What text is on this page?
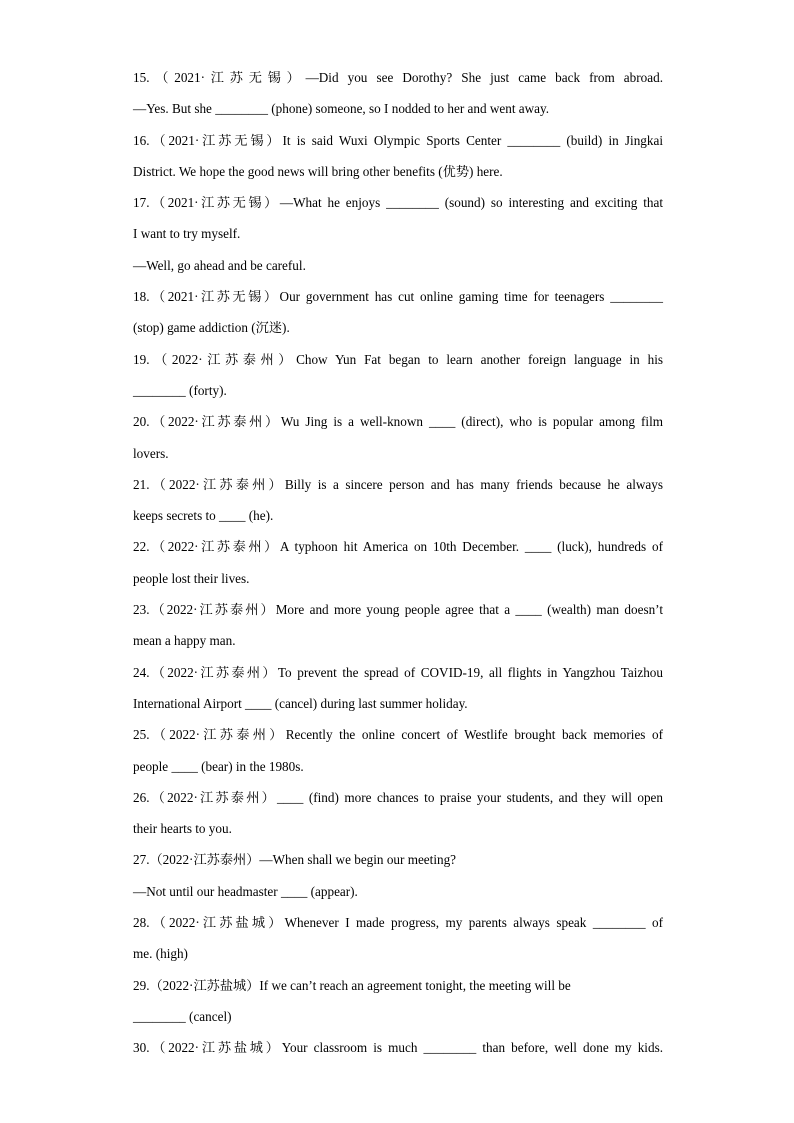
15.（2021·江苏无锡）—Did you see Dorothy? She just came back from abroad.
—Yes. But she ________ (phone) someone, so I nodded to her and went away.
16.（2021·江苏无锡）It is said Wuxi Olympic Sports Center ________ (build) in Jingkai
District. We hope the good news will bring other benefits (优势) here.
17.（2021·江苏无锡）—What he enjoys ________ (sound) so interesting and exciting that
I want to try myself.
—Well, go ahead and be careful.
18.（2021·江苏无锡）Our government has cut online gaming time for teenagers ________
(stop) game addiction (沉迷).
19.（2022·江苏泰州）Chow Yun Fat began to learn another foreign language in his
________ (forty).
20.（2022·江苏泰州）Wu Jing is a well-known ____ (direct), who is popular among film
lovers.
21.（2022·江苏泰州）Billy is a sincere person and has many friends because he always
keeps secrets to ____ (he).
22.（2022·江苏泰州）A typhoon hit America on 10th December. ____ (luck), hundreds of
people lost their lives.
23.（2022·江苏泰州）More and more young people agree that a ____ (wealth) man doesn’t
mean a happy man.
24.（2022·江苏泰州）To prevent the spread of COVID-19, all flights in Yangzhou Taizhou
International Airport ____ (cancel) during last summer holiday.
25.（2022·江苏泰州）Recently the online concert of Westlife brought back memories of
people ____ (bear) in the 1980s.
26.（2022·江苏泰州）____ (find) more chances to praise your students, and they will open
their hearts to you.
27.（2022·江苏泰州）—When shall we begin our meeting?
—Not until our headmaster ____ (appear).
28.（2022·江苏盐城）Whenever I made progress, my parents always speak ________ of
me. (high)
29.（2022·江苏盐城）If we can’t reach an agreement tonight, the meeting will be
________ (cancel)
30.（2022·江苏盐城）Your classroom is much ________ than before, well done my kids.
